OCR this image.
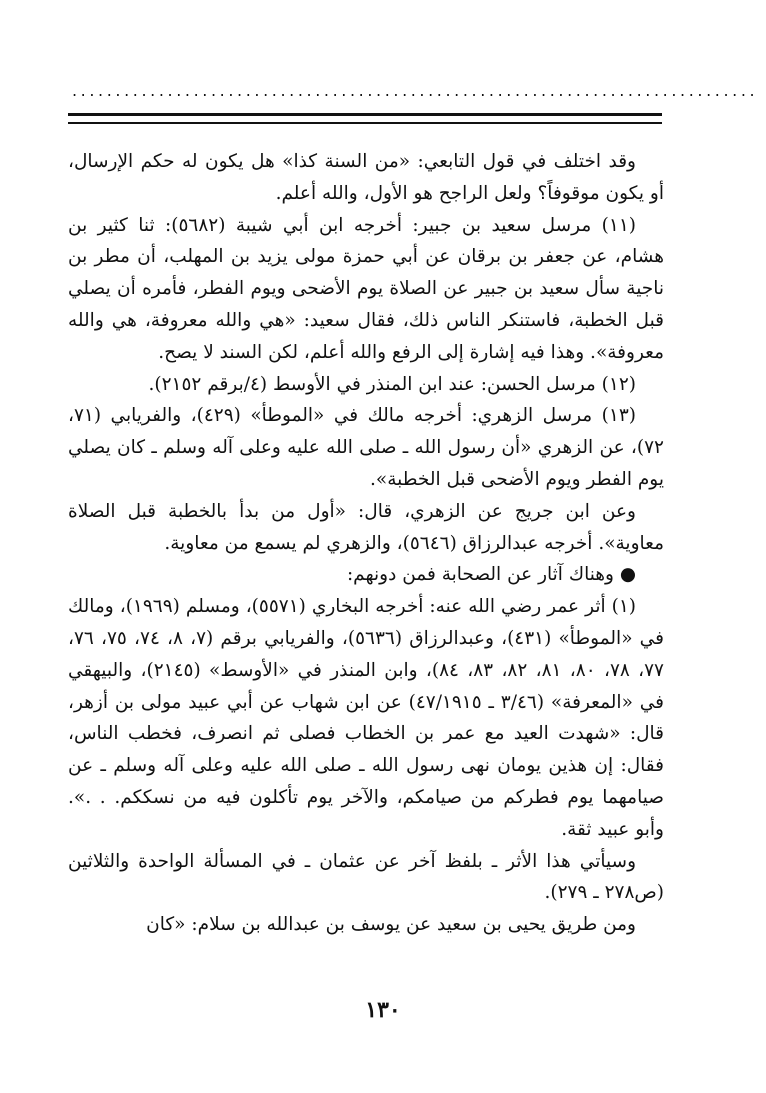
...............................................................................

وقد اختلف في قول التابعي: «من السنة كذا» هل يكون له حكم الإرسال، أو يكون موقوفاً؟ ولعل الراجح هو الأول، والله أعلم.

(١١) مرسل سعيد بن جبير: أخرجه ابن أبي شيبة (٥٦٨٢): ثنا كثير بن هشام، عن جعفر بن برقان عن أبي حمزة مولى يزيد بن المهلب، أن مطر بن ناجية سأل سعيد بن جبير عن الصلاة يوم الأضحى ويوم الفطر، فأمره أن يصلي قبل الخطبة، فاستنكر الناس ذلك، فقال سعيد: «هي والله معروفة، هي والله معروفة». وهذا فيه إشارة إلى الرفع والله أعلم، لكن السند لا يصح.

(١٢) مرسل الحسن: عند ابن المنذر في الأوسط (٤/برقم ٢١٥٢).

(١٣) مرسل الزهري: أخرجه مالك في «الموطأ» (٤٢٩)، والفريابي (٧١، ٧٢)، عن الزهري «أن رسول الله ـ صلى الله عليه وعلى آله وسلم ـ كان يصلي يوم الفطر ويوم الأضحى قبل الخطبة».

وعن ابن جريج عن الزهري، قال: «أول من بدأ بالخطبة قبل الصلاة معاوية». أخرجه عبدالرزاق (٥٦٤٦)، والزهري لم يسمع من معاوية.

● وهناك آثار عن الصحابة فمن دونهم:

(١) أثر عمر رضي الله عنه: أخرجه البخاري (٥٥٧١)، ومسلم (١٩٦٩)، ومالك في «الموطأ» (٤٣١)، وعبدالرزاق (٥٦٣٦)، والفريابي برقم (٧، ٨، ٧٤، ٧٥، ٧٦، ٧٧، ٧٨، ٨٠، ٨١، ٨٢، ٨٣، ٨٤)، وابن المنذر في «الأوسط» (٢١٤٥)، والبيهقي في «المعرفة» (٣/٤٦ ـ ٤٧/١٩١٥) عن ابن شهاب عن أبي عبيد مولى بن أزهر، قال: «شهدت العيد مع عمر بن الخطاب فصلى ثم انصرف، فخطب الناس، فقال: إن هذين يومان نهى رسول الله ـ صلى الله عليه وعلى آله وسلم ـ عن صيامهما يوم فطركم من صيامكم، والآخر يوم تأكلون فيه من نسككم. . .». وأبو عبيد ثقة.

وسيأتي هذا الأثر ـ بلفظ آخر عن عثمان ـ في المسألة الواحدة والثلاثين (ص٢٧٨ ـ ٢٧٩).

ومن طريق يحيى بن سعيد عن يوسف بن عبدالله بن سلام: «كان

١٣٠
